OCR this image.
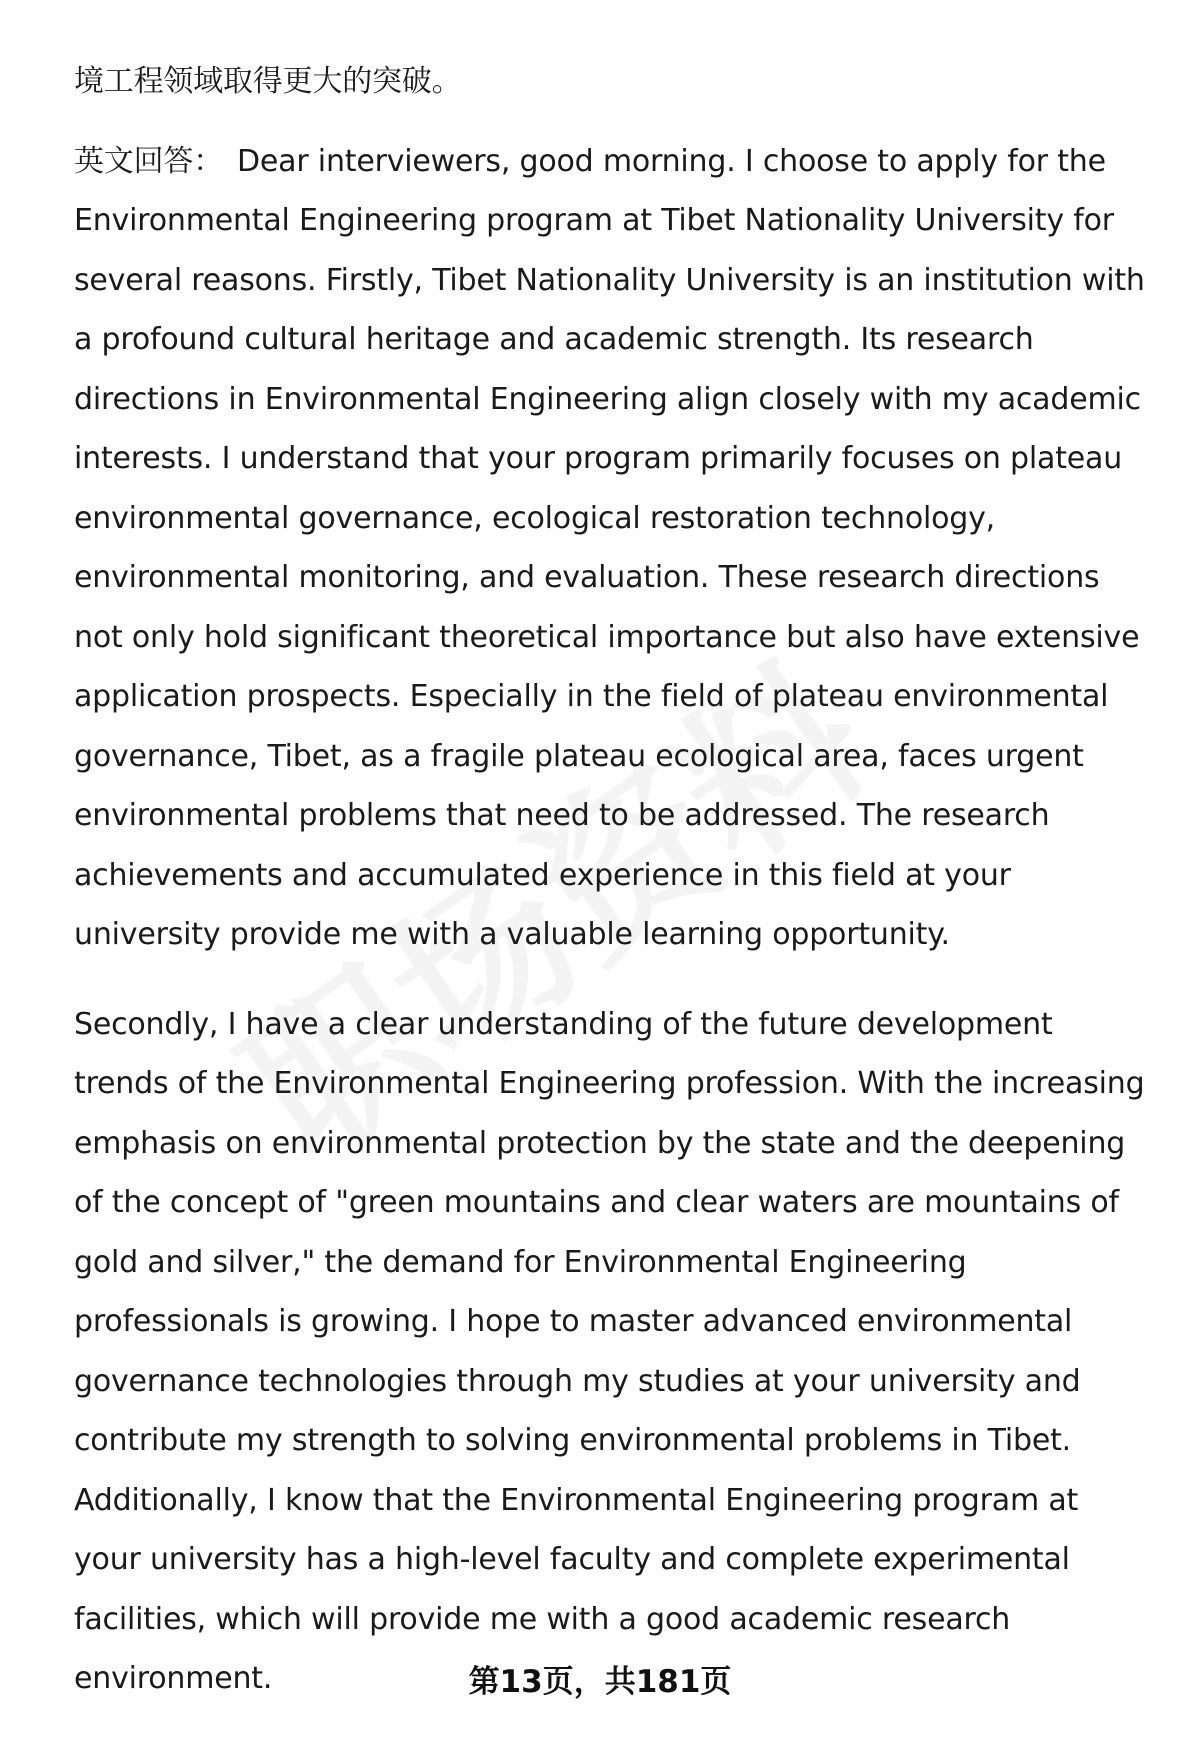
境工程领域取得更大的突破。

英文回答： Dear interviewers, good morning. I choose to apply for the Environmental Engineering program at Tibet Nationality University for several reasons. Firstly, Tibet Nationality University is an institution with a profound cultural heritage and academic strength. Its research directions in Environmental Engineering align closely with my academic interests. I understand that your program primarily focuses on plateau environmental governance, ecological restoration technology, environmental monitoring, and evaluation. These research directions not only hold significant theoretical importance but also have extensive application prospects. Especially in the field of plateau environmental governance, Tibet, as a fragile plateau ecological area, faces urgent environmental problems that need to be addressed. The research achievements and accumulated experience in this field at your university provide me with a valuable learning opportunity.

Secondly, I have a clear understanding of the future development trends of the Environmental Engineering profession. With the increasing emphasis on environmental protection by the state and the deepening of the concept of "green mountains and clear waters are mountains of gold and silver," the demand for Environmental Engineering professionals is growing. I hope to master advanced environmental governance technologies through my studies at your university and contribute my strength to solving environmental problems in Tibet. Additionally, I know that the Environmental Engineering program at your university has a high-level faculty and complete experimental facilities, which will provide me with a good academic research environment.	第13页，共181页
